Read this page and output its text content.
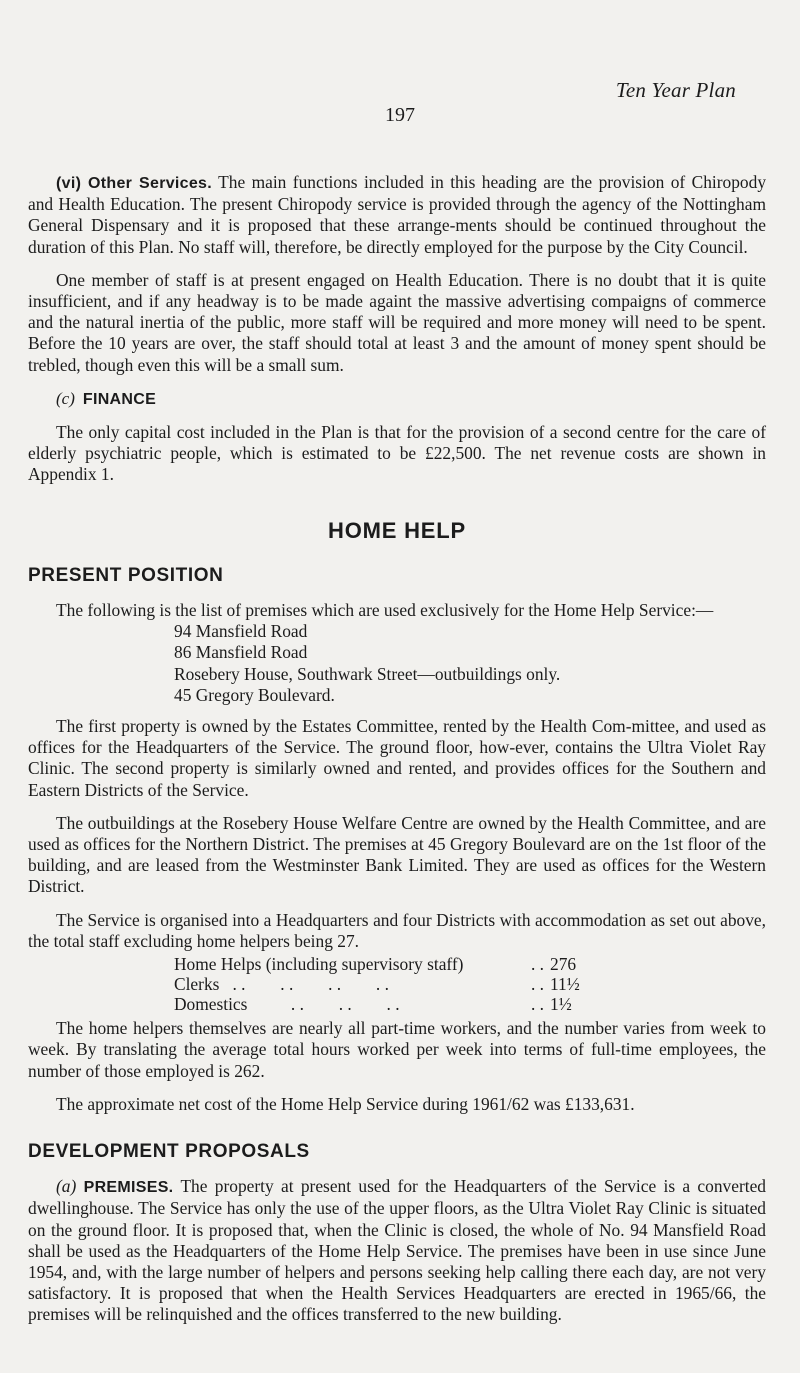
Ten Year Plan
197

(vi) Other Services. The main functions included in this heading are the provision of Chiropody and Health Education. The present Chiropody service is provided through the agency of the Nottingham General Dispensary and it is proposed that these arrange-ments should be continued throughout the duration of this Plan. No staff will, therefore, be directly employed for the purpose by the City Council.

One member of staff is at present engaged on Health Education. There is no doubt that it is quite insufficient, and if any headway is to be made againt the massive advertising compaigns of commerce and the natural inertia of the public, more staff will be required and more money will need to be spent. Before the 10 years are over, the staff should total at least 3 and the amount of money spent should be trebled, though even this will be a small sum.

(c) FINANCE

The only capital cost included in the Plan is that for the provision of a second centre for the care of elderly psychiatric people, which is estimated to be £22,500. The net revenue costs are shown in Appendix 1.

HOME HELP
PRESENT POSITION

The following is the list of premises which are used exclusively for the Home Help Service:—

94 Mansfield Road
86 Mansfield Road
Rosebery House, Southwark Street—outbuildings only.
45 Gregory Boulevard.

The first property is owned by the Estates Committee, rented by the Health Com-mittee, and used as offices for the Headquarters of the Service. The ground floor, how-ever, contains the Ultra Violet Ray Clinic. The second property is similarly owned and rented, and provides offices for the Southern and Eastern Districts of the Service.

The outbuildings at the Rosebery House Welfare Centre are owned by the Health Committee, and are used as offices for the Northern District. The premises at 45 Gregory Boulevard are on the 1st floor of the building, and are leased from the Westminster Bank Limited. They are used as offices for the Western District.

The Service is organised into a Headquarters and four Districts with accommodation as set out above, the total staff excluding home helpers being 27.

Home Helps (including supervisory staff)	. .	276
Clerks   . .        . .        . .        . .	. .	11½
Domestics          . .        . .        . .	. .	1½

The home helpers themselves are nearly all part-time workers, and the number varies from week to week. By translating the average total hours worked per week into terms of full-time employees, the number of those employed is 262.

The approximate net cost of the Home Help Service during 1961/62 was £133,631.

DEVELOPMENT PROPOSALS

(a) PREMISES. The property at present used for the Headquarters of the Service is a converted dwellinghouse. The Service has only the use of the upper floors, as the Ultra Violet Ray Clinic is situated on the ground floor. It is proposed that, when the Clinic is closed, the whole of No. 94 Mansfield Road shall be used as the Headquarters of the Home Help Service. The premises have been in use since June 1954, and, with the large number of helpers and persons seeking help calling there each day, are not very satisfactory. It is proposed that when the Health Services Headquarters are erected in 1965/66, the premises will be relinquished and the offices transferred to the new building.
